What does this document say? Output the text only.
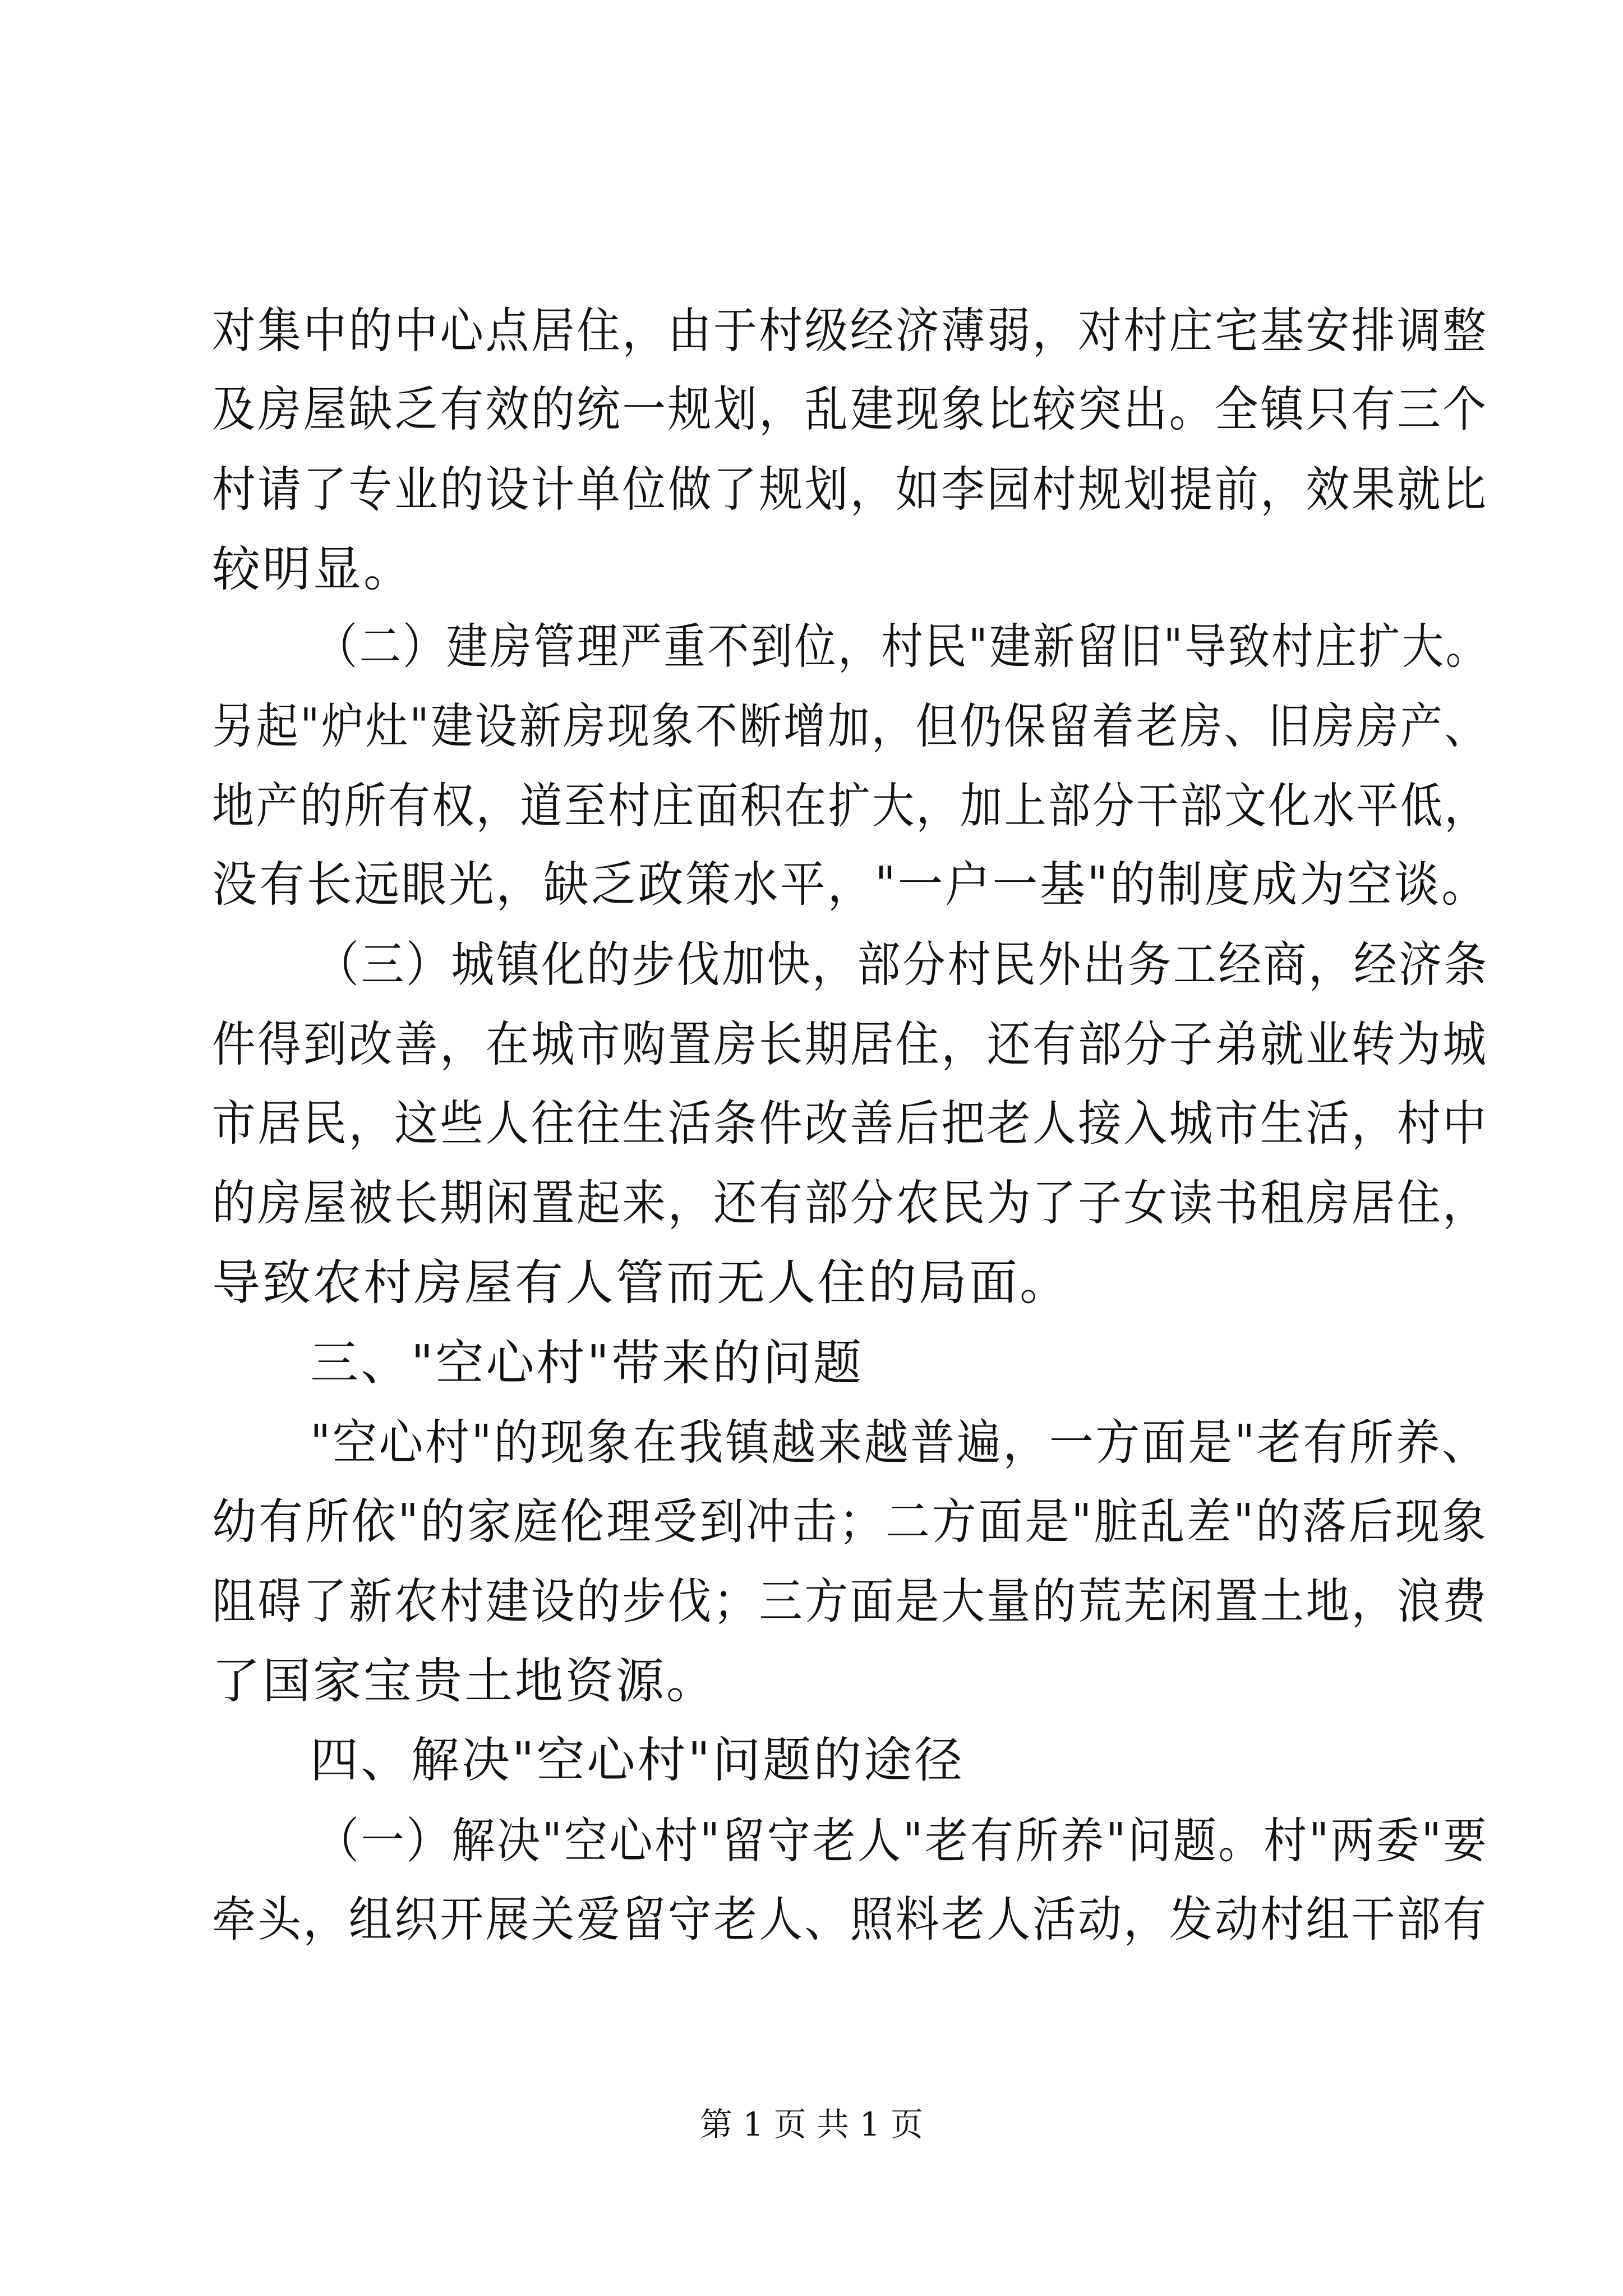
对集中的中心点居住，由于村级经济薄弱，对村庄宅基安排调整
及房屋缺乏有效的统一规划，乱建现象比较突出。全镇只有三个
村请了专业的设计单位做了规划，如李园村规划提前，效果就比
较明显。
（二）建房管理严重不到位，村民"建新留旧"导致村庄扩大。
另起"炉灶"建设新房现象不断增加，但仍保留着老房、旧房房产、
地产的所有权，道至村庄面积在扩大，加上部分干部文化水平低，
没有长远眼光，缺乏政策水平，"一户一基"的制度成为空谈。
（三）城镇化的步伐加快，部分村民外出务工经商，经济条
件得到改善，在城市购置房长期居住，还有部分子弟就业转为城
市居民，这些人往往生活条件改善后把老人接入城市生活，村中
的房屋被长期闲置起来，还有部分农民为了子女读书租房居住，
导致农村房屋有人管而无人住的局面。
三、"空心村"带来的问题
"空心村"的现象在我镇越来越普遍，一方面是"老有所养、
幼有所依"的家庭伦理受到冲击；二方面是"脏乱差"的落后现象
阻碍了新农村建设的步伐；三方面是大量的荒芜闲置土地，浪费
了国家宝贵土地资源。
四、解决"空心村"问题的途径
（一）解决"空心村"留守老人"老有所养"问题。村"两委"要
牵头，组织开展关爱留守老人、照料老人活动，发动村组干部有
第 1 页 共 1 页
